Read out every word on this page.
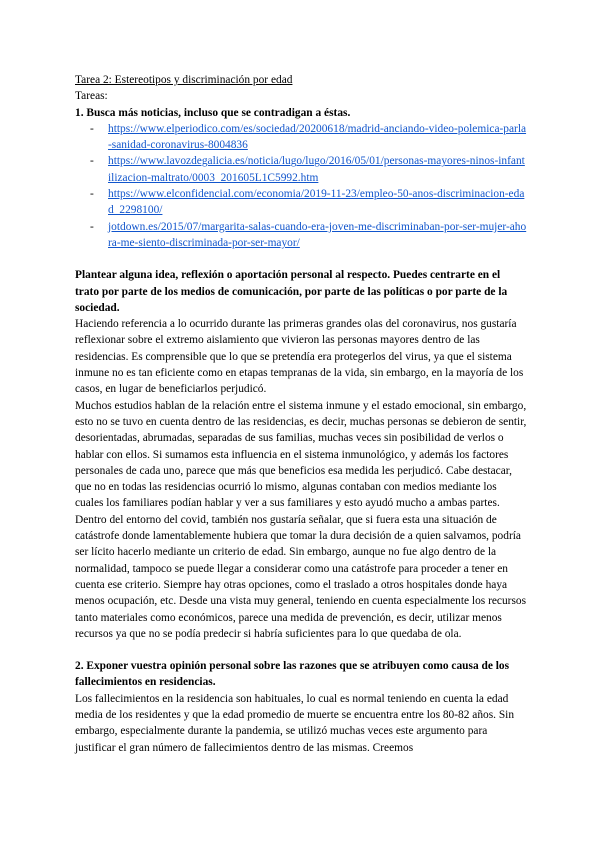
Tarea 2: Estereotipos y discriminación por edad

Tareas:

1. Busca más noticias, incluso que se contradigan a éstas.

- https://www.elperiodico.com/es/sociedad/20200618/madrid-anciando-video-polemica-parla-sanidad-coronavirus-8004836
- https://www.lavozdegalicia.es/noticia/lugo/lugo/2016/05/01/personas-mayores-ninos-infantilizacion-maltrato/0003_201605L1C5992.htm
- https://www.elconfidencial.com/economia/2019-11-23/empleo-50-anos-discriminacion-edad_2298100/
- jotdown.es/2015/07/margarita-salas-cuando-era-joven-me-discriminaban-por-ser-mujer-ahora-me-siento-discriminada-por-ser-mayor/

Plantear alguna idea, reflexión o aportación personal al respecto. Puedes centrarte en el trato por parte de los medios de comunicación, por parte de las políticas o por parte de la sociedad.

Haciendo referencia a lo ocurrido durante las primeras grandes olas del coronavirus, nos gustaría reflexionar sobre el extremo aislamiento que vivieron las personas mayores dentro de las residencias. Es comprensible que lo que se pretendía era protegerlos del virus, ya que el sistema inmune no es tan eficiente como en etapas tempranas de la vida, sin embargo, en la mayoría de los casos, en lugar de beneficiarlos perjudicó.

Muchos estudios hablan de la relación entre el sistema inmune y el estado emocional, sin embargo, esto no se tuvo en cuenta dentro de las residencias, es decir, muchas personas se debieron de sentir, desorientadas, abrumadas, separadas de sus familias, muchas veces sin posibilidad de verlos o hablar con ellos. Si sumamos esta influencia en el sistema inmunológico, y además los factores personales de cada uno, parece que más que beneficios esa medida les perjudicó. Cabe destacar, que no en todas las residencias ocurrió lo mismo, algunas contaban con medios mediante los cuales los familiares podían hablar y ver a sus familiares y esto ayudó mucho a ambas partes.

Dentro del entorno del covid, también nos gustaría señalar, que si fuera esta una situación de catástrofe donde lamentablemente hubiera que tomar la dura decisión de a quien salvamos, podría ser lícito hacerlo mediante un criterio de edad. Sin embargo, aunque no fue algo dentro de la normalidad, tampoco se puede llegar a considerar como una catástrofe para proceder a tener en cuenta ese criterio. Siempre hay otras opciones, como el traslado a otros hospitales donde haya menos ocupación, etc. Desde una vista muy general, teniendo en cuenta especialmente los recursos tanto materiales como económicos, parece una medida de prevención, es decir, utilizar menos recursos ya que no se podía predecir si habría suficientes para lo que quedaba de ola.

2. Exponer vuestra opinión personal sobre las razones que se atribuyen como causa de los fallecimientos en residencias.

Los fallecimientos en la residencia son habituales, lo cual es normal teniendo en cuenta la edad media de los residentes y que la edad promedio de muerte se encuentra entre los 80-82 años. Sin embargo, especialmente durante la pandemia, se utilizó muchas veces este argumento para justificar el gran número de fallecimientos dentro de las mismas. Creemos
